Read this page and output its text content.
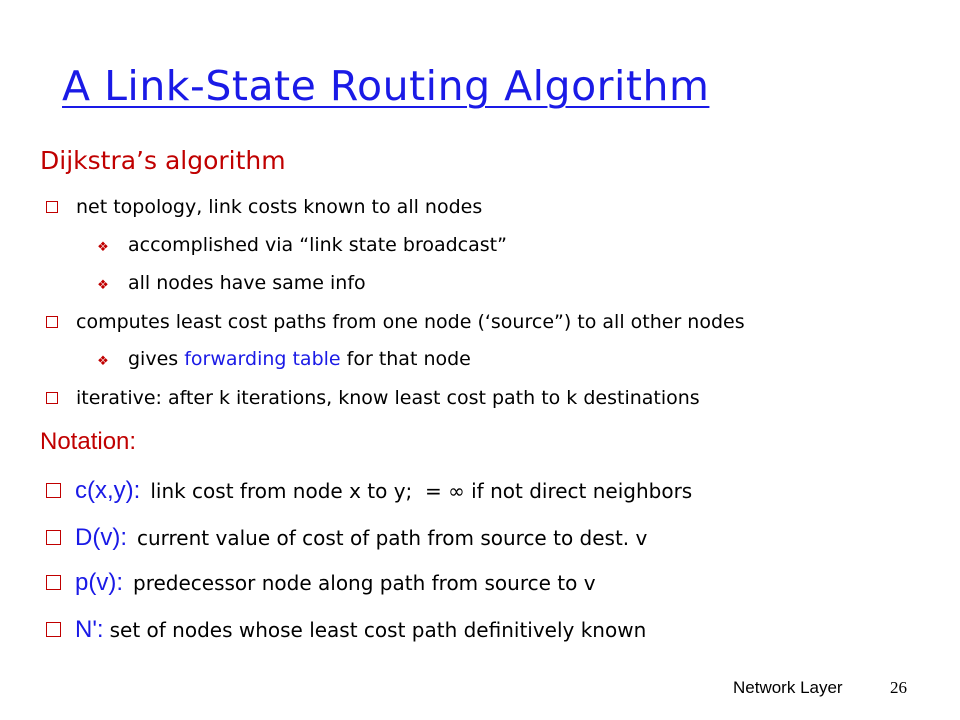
A Link-State Routing Algorithm
Dijkstra’s algorithm
net topology, link costs known to all nodes
❖ accomplished via “link state broadcast”
❖ all nodes have same info
computes least cost paths from one node (‘source”) to all other nodes
❖ gives forwarding table for that node
iterative: after k iterations, know least cost path to k destinations
Notation:
c(x,y): link cost from node x to y;  = ∞ if not direct neighbors
D(v): current value of cost of path from source to dest. v
p(v): predecessor node along path from source to v
N': set of nodes whose least cost path definitively known
Network Layer	26
